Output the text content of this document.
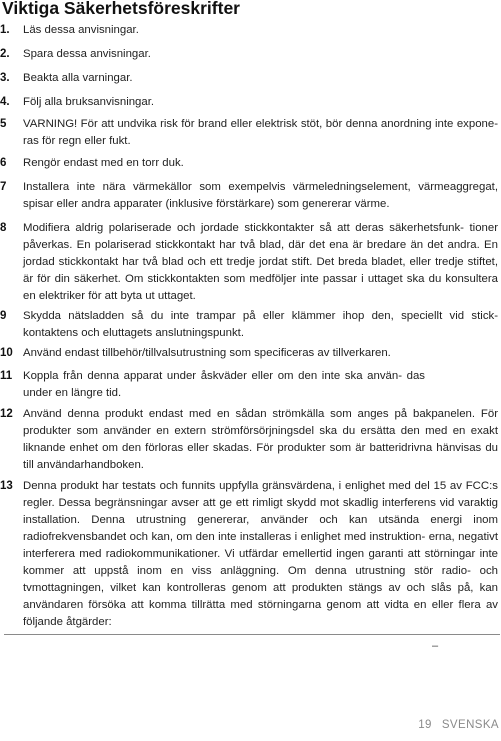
Viktiga Säkerhetsföreskrifter
1.	Läs dessa anvisningar.
2.	Spara dessa anvisningar.
3.	Beakta alla varningar.
4.	Följ alla bruksanvisningar.
5	VARNING! För att undvika risk för brand eller elektrisk stöt, bör denna anordning inte expone- ras för regn eller fukt.
6	Rengör endast med en torr duk.
7	Installera inte nära värmekällor som exempelvis värmeledningselement, värmeaggregat, spisar eller andra apparater (inklusive förstärkare) som genererar värme.
8	Modifiera aldrig polariserade och jordade stickkontakter så att deras säkerhetsfunk- tioner påverkas. En polariserad stickkontakt har två blad, där det ena är bredare än det andra. En jordad stickkontakt har två blad och ett tredje jordat stift. Det breda bladet, eller tredje stiftet, är för din säkerhet. Om stickkontakten som medföljer inte passar i uttaget ska du konsultera en elektriker för att byta ut uttaget.
9	Skydda nätsladden så du inte trampar på eller klämmer ihop den, speciellt vid stick- kontaktens och eluttagets anslutningspunkt.
10 Använd endast tillbehör/tillvalsutrustning som specificeras av tillverkaren.
11 Koppla från denna apparat under åskväder eller om den inte ska använ- das under en längre tid.
12 Använd denna produkt endast med en sådan strömkälla som anges på bakpanelen. För produkter som använder en extern strömförsörjningsdel ska du ersätta den med en exakt liknande enhet om den förloras eller skadas. För produkter som är batteridrivna hänvisas du till användarhandboken.
13 Denna produkt har testats och funnits uppfylla gränsvärdena, i enlighet med del 15 av FCC:s regler. Dessa begränsningar avser att ge ett rimligt skydd mot skadlig interferens vid varaktig installation. Denna utrustning genererar, använder och kan utsända energi inom radiofrekvensbandet och kan, om den inte installeras i enlighet med instruktion- erna, negativt interferera med radiokommunikationer. Vi utfärdar emellertid ingen garanti att störningar inte kommer att uppstå inom en viss anläggning. Om denna utrustning stör radio- och tvmottagningen, vilket kan kontrolleras genom att produkten stängs av och slås på, kan användaren försöka att komma tillrätta med störningarna genom att vidta en eller flera av följande åtgärder:
–
19 SVENSKA
